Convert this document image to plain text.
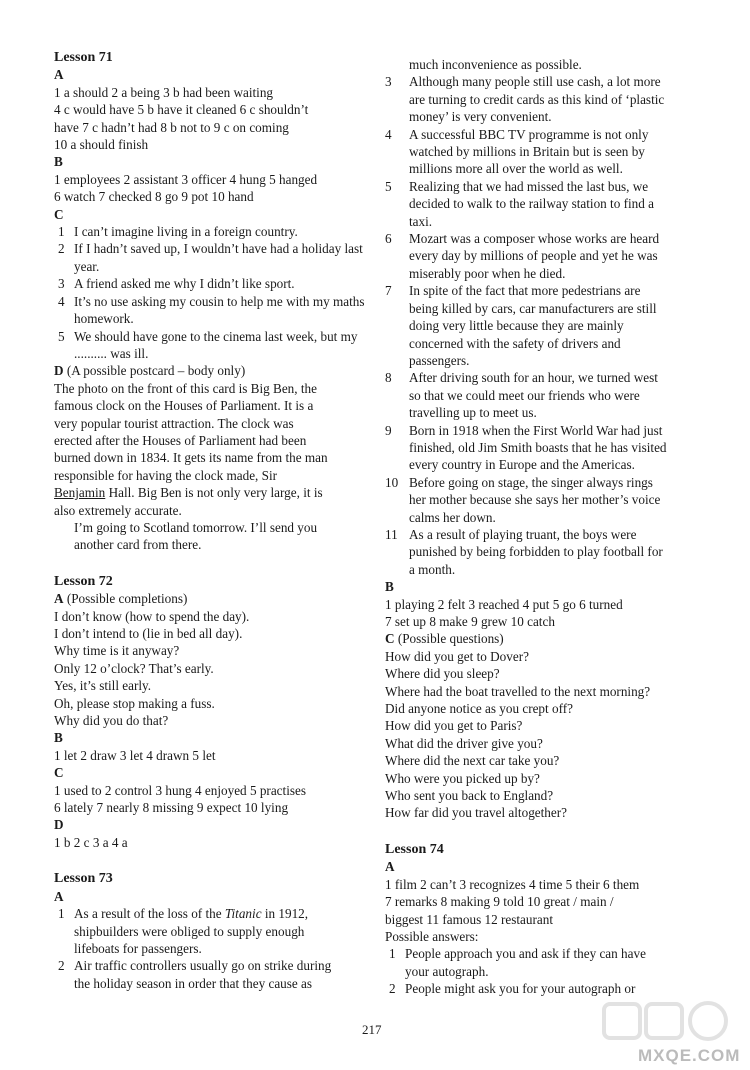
Lesson 71
A
1 a should 2 a being 3 b had been waiting
4 c would have 5 b have it cleaned 6 c shouldn’t
have 7 c hadn’t had 8 b not to 9 c on coming
10 a should finish
B
1 employees 2 assistant 3 officer 4 hung 5 hanged
6 watch 7 checked 8 go 9 pot 10 hand
C
1 I can’t imagine living in a foreign country.
2 If I hadn’t saved up, I wouldn’t have had a holiday last year.
3 A friend asked me why I didn’t like sport.
4 It’s no use asking my cousin to help me with my maths homework.
5 We should have gone to the cinema last week, but my .......... was ill.
D (A possible postcard – body only)
The photo on the front of this card is Big Ben, the
famous clock on the Houses of Parliament. It is a
very popular tourist attraction. The clock was
erected after the Houses of Parliament had been
burned down in 1834. It gets its name from the man
responsible for having the clock made, Sir
Benjamin Hall. Big Ben is not only very large, it is
also extremely accurate.
I’m going to Scotland tomorrow. I’ll send you
another card from there.
Lesson 72
A (Possible completions)
I don’t know (how to spend the day).
I don’t intend to (lie in bed all day).
Why time is it anyway?
Only 12 o’clock? That’s early.
Yes, it’s still early.
Oh, please stop making a fuss.
Why did you do that?
B
1 let 2 draw 3 let 4 drawn 5 let
C
1 used to 2 control 3 hung 4 enjoyed 5 practises
6 lately 7 nearly 8 missing 9 expect 10 lying
D
1 b 2 c 3 a 4 a
Lesson 73
A
1 As a result of the loss of the Titanic in 1912,
shipbuilders were obliged to supply enough
lifeboats for passengers.
2 Air traffic controllers usually go on strike during
the holiday season in order that they cause as
much inconvenience as possible.
3 Although many people still use cash, a lot more
are turning to credit cards as this kind of ‘plastic
money’ is very convenient.
4 A successful BBC TV programme is not only
watched by millions in Britain but is seen by
millions more all over the world as well.
5 Realizing that we had missed the last bus, we
decided to walk to the railway station to find a
taxi.
6 Mozart was a composer whose works are heard
every day by millions of people and yet he was
miserably poor when he died.
7 In spite of the fact that more pedestrians are
being killed by cars, car manufacturers are still
doing very little because they are mainly
concerned with the safety of drivers and
passengers.
8 After driving south for an hour, we turned west
so that we could meet our friends who were
travelling up to meet us.
9 Born in 1918 when the First World War had just
finished, old Jim Smith boasts that he has visited
every country in Europe and the Americas.
10 Before going on stage, the singer always rings
her mother because she says her mother’s voice
calms her down.
11 As a result of playing truant, the boys were
punished by being forbidden to play football for
a month.
B
1 playing 2 felt 3 reached 4 put 5 go 6 turned
7 set up 8 make 9 grew 10 catch
C (Possible questions)
How did you get to Dover?
Where did you sleep?
Where had the boat travelled to the next morning?
Did anyone notice as you crept off?
How did you get to Paris?
What did the driver give you?
Where did the next car take you?
Who were you picked up by?
Who sent you back to England?
How far did you travel altogether?
Lesson 74
A
1 film 2 can’t 3 recognizes 4 time 5 their 6 them
7 remarks 8 making 9 told 10 great / main /
biggest 11 famous 12 restaurant
Possible answers:
1 People approach you and ask if they can have
your autograph.
2 People might ask you for your autograph or
217
MXQE.COM
